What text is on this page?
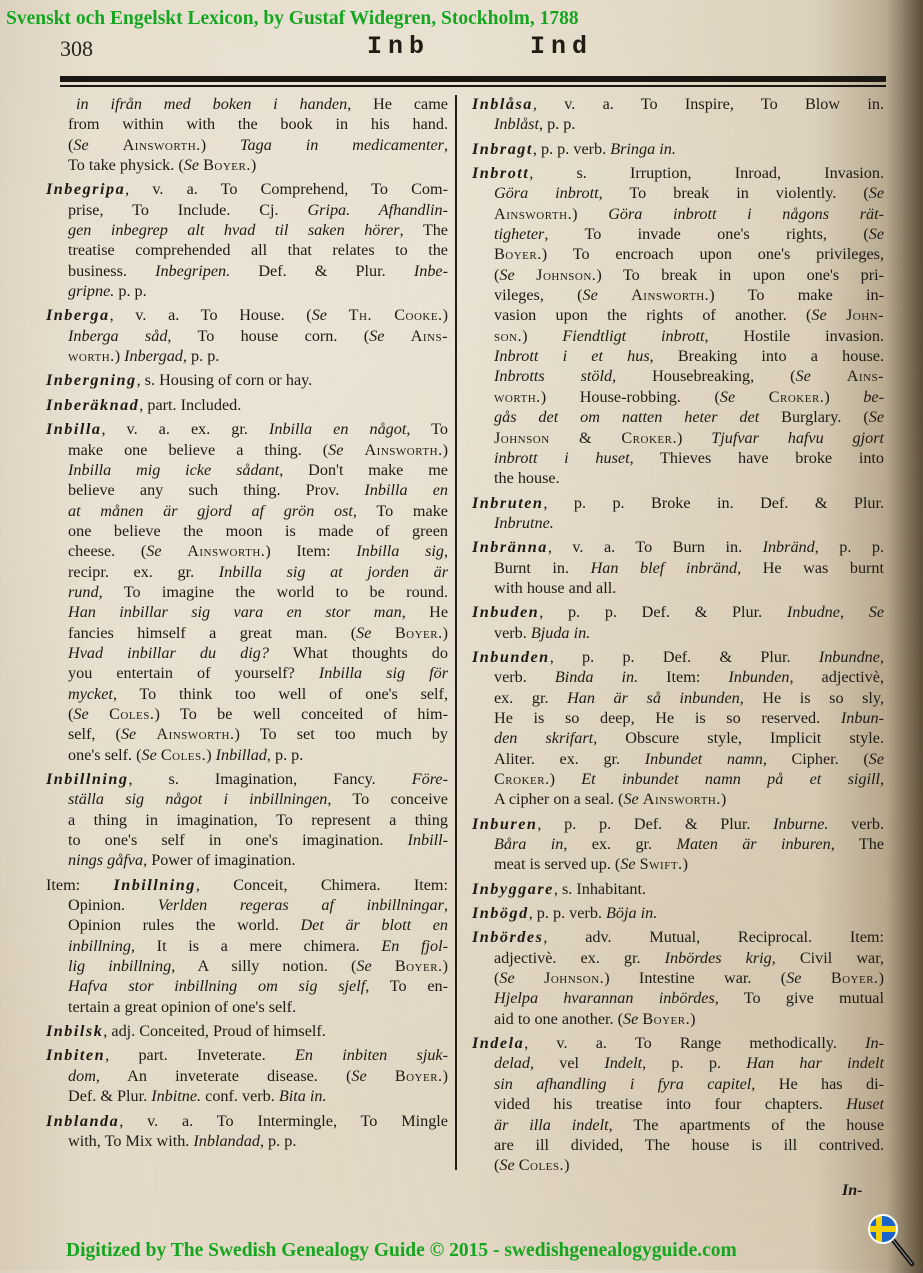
Svenskt och Engelskt Lexicon, by Gustaf Widegren, Stockholm, 1788
308	Inb	Ind
in ifrån med boken i handen, He came
from within with the book in his hand.
(Se Ainsworth.) Taga in medicamenter,
To take physick. (Se Boyer.)
Inbegripa, v. a. To Comprehend, To Com-
prise, To Include. Cj. Gripa. Afhandlin-
gen inbegrep alt hvad til saken hörer, The
treatise comprehended all that relates to the
business. Inbegripen. Def. & Plur. Inbe-
gripne. p. p.
Inberga, v. a. To House. (Se Th. Cooke.)
Inberga såd, To house corn. (Se Ains-
worth.) Inbergad, p. p.
Inbergning, s. Housing of corn or hay.
Inberäknad, part. Included.
Inbilla, v. a. ex. gr. Inbilla en något, To
make one believe a thing. (Se Ainsworth.)
Inbilla mig icke sådant, Don't make me
believe any such thing. Prov. Inbilla en
at månen är gjord af grön ost, To make
one believe the moon is made of green
cheese. (Se Ainsworth.) Item: Inbilla sig,
recipr. ex. gr. Inbilla sig at jorden är
rund, To imagine the world to be round.
Han inbillar sig vara en stor man, He
fancies himself a great man. (Se Boyer.)
Hvad inbillar du dig? What thoughts do
you entertain of yourself? Inbilla sig för
mycket, To think too well of one's self,
(Se Coles.) To be well conceited of him-
self, (Se Ainsworth.) To set too much by
one's self. (Se Coles.) Inbillad, p. p.
Inbillning, s. Imagination, Fancy. Före-
ställa sig något i inbillningen, To conceive
a thing in imagination, To represent a thing
to one's self in one's imagination. Inbill-
nings gåfva, Power of imagination.
Item: Inbillning, Conceit, Chimera. Item:
Opinion. Verlden regeras af inbillningar,
Opinion rules the world. Det är blott en
inbillning, It is a mere chimera. En fjol-
lig inbillning, A silly notion. (Se Boyer.)
Hafva stor inbillning om sig sjelf, To en-
tertain a great opinion of one's self.
Inbilsk, adj. Conceited, Proud of himself.
Inbiten, part. Inveterate. En inbiten sjuk-
dom, An inveterate disease. (Se Boyer.)
Def. & Plur. Inbitne. conf. verb. Bita in.
Inblanda, v. a. To Intermingle, To Mingle
with, To Mix with. Inblandad, p. p.
Inblåsa, v. a. To Inspire, To Blow in.
Inblåst, p. p.
Inbragt, p. p. verb. Bringa in.
Inbrott, s. Irruption, Inroad, Invasion.
Göra inbrott, To break in violently. (Se
Ainsworth.) Göra inbrott i någons rät-
tigheter, To invade one's rights, (Se
Boyer.) To encroach upon one's privileges,
(Se Johnson.) To break in upon one's pri-
vileges, (Se Ainsworth.) To make in-
vasion upon the rights of another. (Se John-
son.) Fiendtligt inbrott, Hostile invasion.
Inbrott i et hus, Breaking into a house.
Inbrotts stöld, Housebreaking, (Se Ains-
worth.) House-robbing. (Se Croker.) be-
gås det om natten heter det Burglary. (Se
Johnson & Croker.) Tjufvar hafvu gjort
inbrott i huset, Thieves have broke into
the house.
Inbruten, p. p. Broke in. Def. & Plur.
Inbrutne.
Inbränna, v. a. To Burn in. Inbränd, p. p.
Burnt in. Han blef inbränd, He was burnt
with house and all.
Inbuden, p. p. Def. & Plur. Inbudne, Se
verb. Bjuda in.
Inbunden, p. p. Def. & Plur. Inbundne,
verb. Binda in. Item: Inbunden, adjectivè,
ex. gr. Han är så inbunden, He is so sly,
He is so deep, He is so reserved. Inbun-
den skrifart, Obscure style, Implicit style.
Aliter. ex. gr. Inbundet namn, Cipher. (Se
Croker.) Et inbundet namn på et sigill,
A cipher on a seal. (Se Ainsworth.)
Inburen, p. p. Def. & Plur. Inburne. verb.
Båra in, ex. gr. Maten är inburen, The
meat is served up. (Se Swift.)
Inbyggare, s. Inhabitant.
Inbögd, p. p. verb. Böja in.
Inbördes, adv. Mutual, Reciprocal. Item:
adjectivè. ex. gr. Inbördes krig, Civil war,
(Se Johnson.) Intestine war. (Se Boyer.)
Hjelpa hvarannan inbördes, To give mutual
aid to one another. (Se Boyer.)
Indela, v. a. To Range methodically. In-
delad, vel Indelt, p. p. Han har indelt
sin afhandling i fyra capitel, He has di-
vided his treatise into four chapters. Huset
är illa indelt, The apartments of the house
are ill divided, The house is ill contrived.
(Se Coles.)
In-
Digitized by The Swedish Genealogy Guide © 2015 - swedishgenealogyguide.com
